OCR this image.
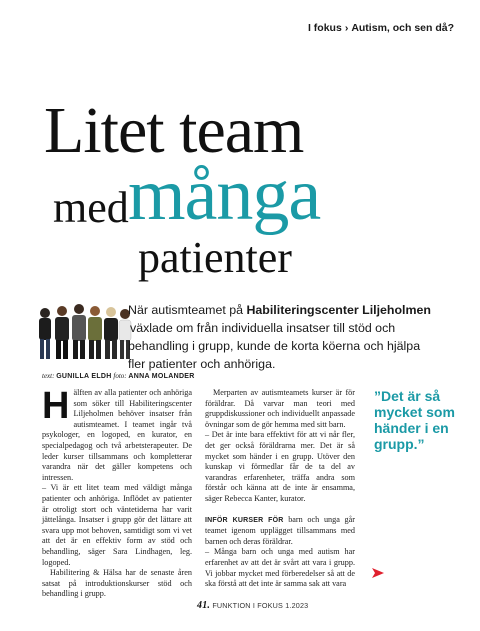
I fokus › Autism, och sen då?
Litet team
med många
patienter
När autismteamet på Habiliteringscenter Liljeholmen
växlade om från individuella insatser till stöd och
behandling i grupp, kunde de korta köerna och hjälpa
fler patienter och anhöriga.
text: GUNILLA ELDH foto: ANNA MOLANDER

Hälften av alla patienter och anhöriga som söker till Habiliteringscenter Liljeholmen behöver insatser från autismteamet. I teamet ingår två psykologer, en logoped, en kurator, en specialpedagog och två arbetsterapeuter. De leder kurser tillsammans och kompletterar varandra när det gäller kompetens och intressen.

– Vi är ett litet team med väldigt många patienter och anhöriga. Inflödet av patienter är otroligt stort och väntetiderna har varit jättelånga. Insatser i grupp gör det lättare att svara upp mot behoven, samtidigt som vi vet att det är en effektiv form av stöd och behandling, säger Sara Lindhagen, leg. logoped.

Habilitering & Hälsa har de senaste åren satsat på introduktionskurser stöd och behandling i grupp.

Merparten av autismteamets kurser är för föräldrar. Då varvar man teori med gruppdiskussioner och individuellt anpassade övningar som de gör hemma med sitt barn.

– Det är inte bara effektivt för att vi når fler, det ger också föräldrarna mer. Det är så mycket som händer i en grupp. Utöver den kunskap vi förmedlar får de ta del av varandras erfarenheter, träffa andra som förstår och känna att de inte är ensamma, säger Rebecca Kanter, kurator.

INFÖR KURSER FÖR barn och unga går teamet igenom upplägget tillsammans med barnen och deras föräldrar.

– Många barn och unga med autism har erfarenhet av att det är svårt att vara i grupp. Vi jobbar mycket med förberedelser så att de ska förstå att det inte är samma sak att vara

”Det är så mycket som händer i en grupp.”
41. FUNKTION I FOKUS 1.2023
